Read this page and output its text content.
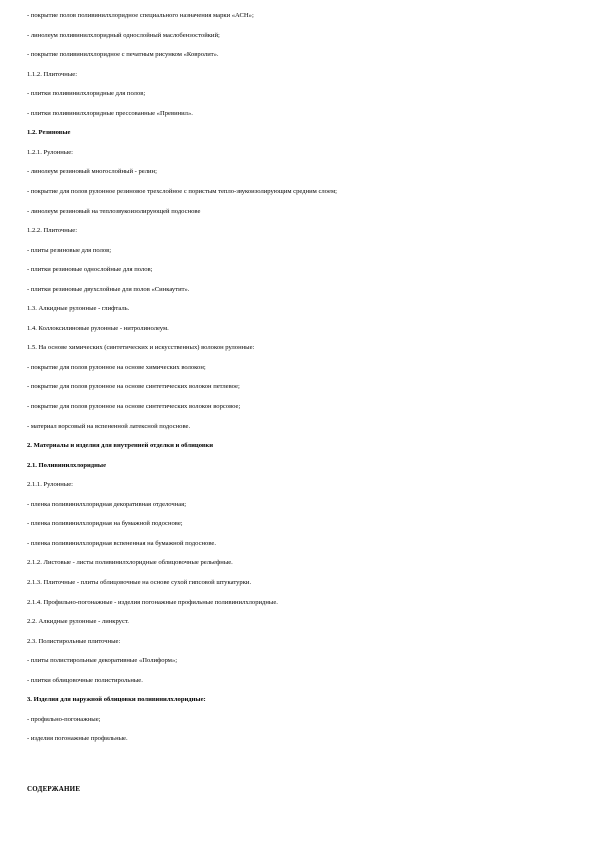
- покрытие полов поливинилхлоридное специального назначения марки «АСН»;
- линолеум поливинилхлоридный однослойный маслобензостойкий;
- покрытие поливинилхлоридное с печатным рисунком «Ковролит».
1.1.2. Плиточные:
- плитки поливинилхлоридные для полов;
- плитки поливинилхлоридные прессованные «Превинил».
1.2. Резиновые
1.2.1. Рулонные:
- линолеум резиновый многослойный - релин;
- покрытие для полов рулонное резиновое трехслойное с пористым тепло-звукоизолирующим средним слоем;
- линолеум резиновый на теплозвукоизолирующей подоснове
1.2.2. Плиточные:
- плиты резиновые для полов;
- плитки резиновые однослойные для полов;
- плитки резиновые двухслойные для полов «Синкаутит».
1.3. Алкидные рулонные - глифталь.
1.4. Коллоксилиновые рулонные - нитролинолеум.
1.5. На основе химических (синтетических и искусственных) волокон рулонные:
- покрытие для полов рулонное на основе химических волокон;
- покрытие для полов рулонное на основе синтетических волокон петлевое;
- покрытие для полов рулонное на основе синтетических волокон ворсовое;
- материал ворсовый на вспененной латексной подоснове.
2. Материалы и изделия для внутренней отделки и облицовки
2.1. Поливинилхлоридные
2.1.1. Рулонные:
- пленка поливинилхлоридная декоративная отделочная;
- пленка поливинилхлоридная на бумажной подоснове;
- пленка поливинилхлоридная вспененная на бумажной подоснове.
2.1.2. Листовые - листы поливинилхлоридные облицовочные рельефные.
2.1.3. Плиточные - плиты облицовочные на основе сухой гипсовой штукатурки.
2.1.4. Профильно-погонажные - изделия погонажные профильные поливинилхлоридные.
2.2. Алкидные рулонные - линкруст.
2.3. Полистирольные плиточные:
- плиты полистирольные декоративные «Полиформ»;
- плитки облицовочные полистирольные.
3. Изделия для наружной облицовки поливинилхлоридные:
- профильно-погонажные;
- изделия погонажные профильные.
СОДЕРЖАНИЕ
